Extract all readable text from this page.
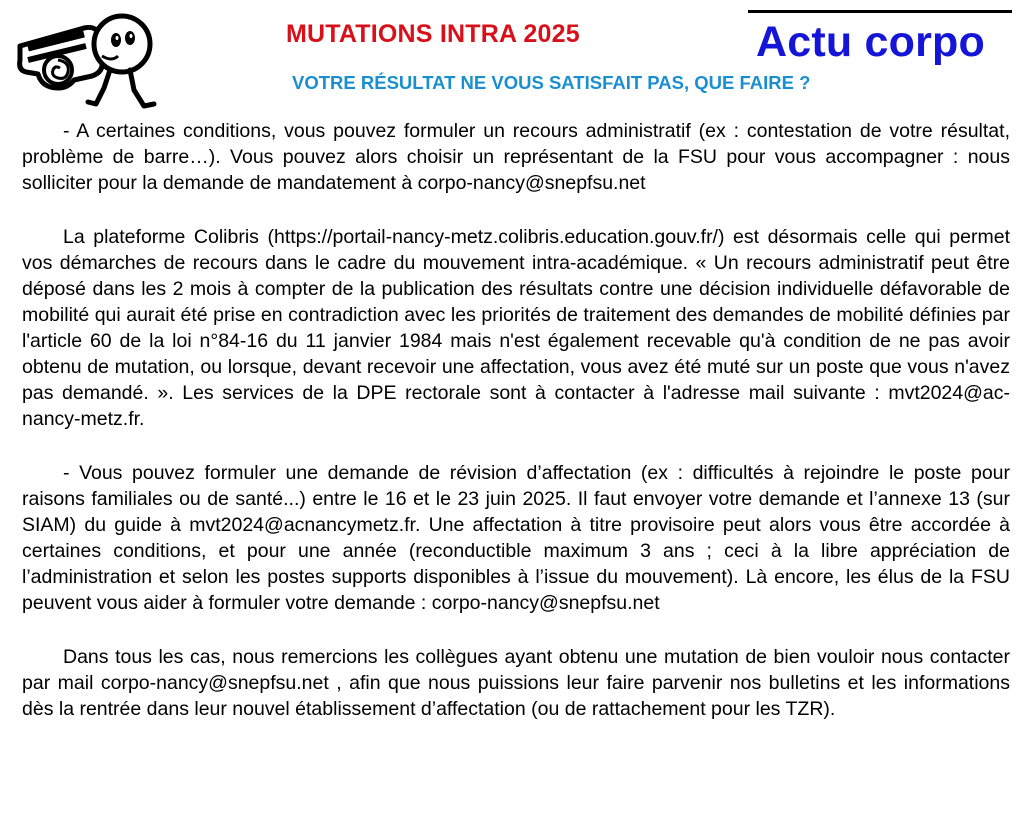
MUTATIONS INTRA 2025	Actu corpo
VOTRE RÉSULTAT NE VOUS SATISFAIT PAS, QUE FAIRE ?

- A certaines conditions, vous pouvez formuler un recours administratif (ex : contestation de votre résultat, problème de barre…). Vous pouvez alors choisir un représentant de la FSU pour vous accompagner : nous solliciter pour la demande de mandatement à corpo-nancy@snepfsu.net

La plateforme Colibris (https://portail-nancy-metz.colibris.education.gouv.fr/) est désormais celle qui permet vos démarches de recours dans le cadre du mouvement intra-académique. « Un recours administratif peut être déposé dans les 2 mois à compter de la publication des résultats contre une décision individuelle défavorable de mobilité qui aurait été prise en contradiction avec les priorités de traitement des demandes de mobilité définies par l'article 60 de la loi n°84-16 du 11 janvier 1984 mais n'est également recevable qu'à condition de ne pas avoir obtenu de mutation, ou lorsque, devant recevoir une affectation, vous avez été muté sur un poste que vous n'avez pas demandé. ». Les services de la DPE rectorale sont à contacter à l'adresse mail suivante : mvt2024@ac-nancy-metz.fr.

- Vous pouvez formuler une demande de révision d’affectation (ex : difficultés à rejoindre le poste pour raisons familiales ou de santé...) entre le 16 et le 23 juin 2025. Il faut envoyer votre demande et l’annexe 13 (sur SIAM) du guide à mvt2024@acnancymetz.fr. Une affectation à titre provisoire peut alors vous être accordée à certaines conditions, et pour une année (reconductible maximum 3 ans ; ceci à la libre appréciation de l’administration et selon les postes supports disponibles à l’issue du mouvement). Là encore, les élus de la FSU peuvent vous aider à formuler votre demande : corpo-nancy@snepfsu.net

Dans tous les cas, nous remercions les collègues ayant obtenu une mutation de bien vouloir nous contacter par mail corpo-nancy@snepfsu.net , afin que nous puissions leur faire parvenir nos bulletins et les informations dès la rentrée dans leur nouvel établissement d’affectation (ou de rattachement pour les TZR).
